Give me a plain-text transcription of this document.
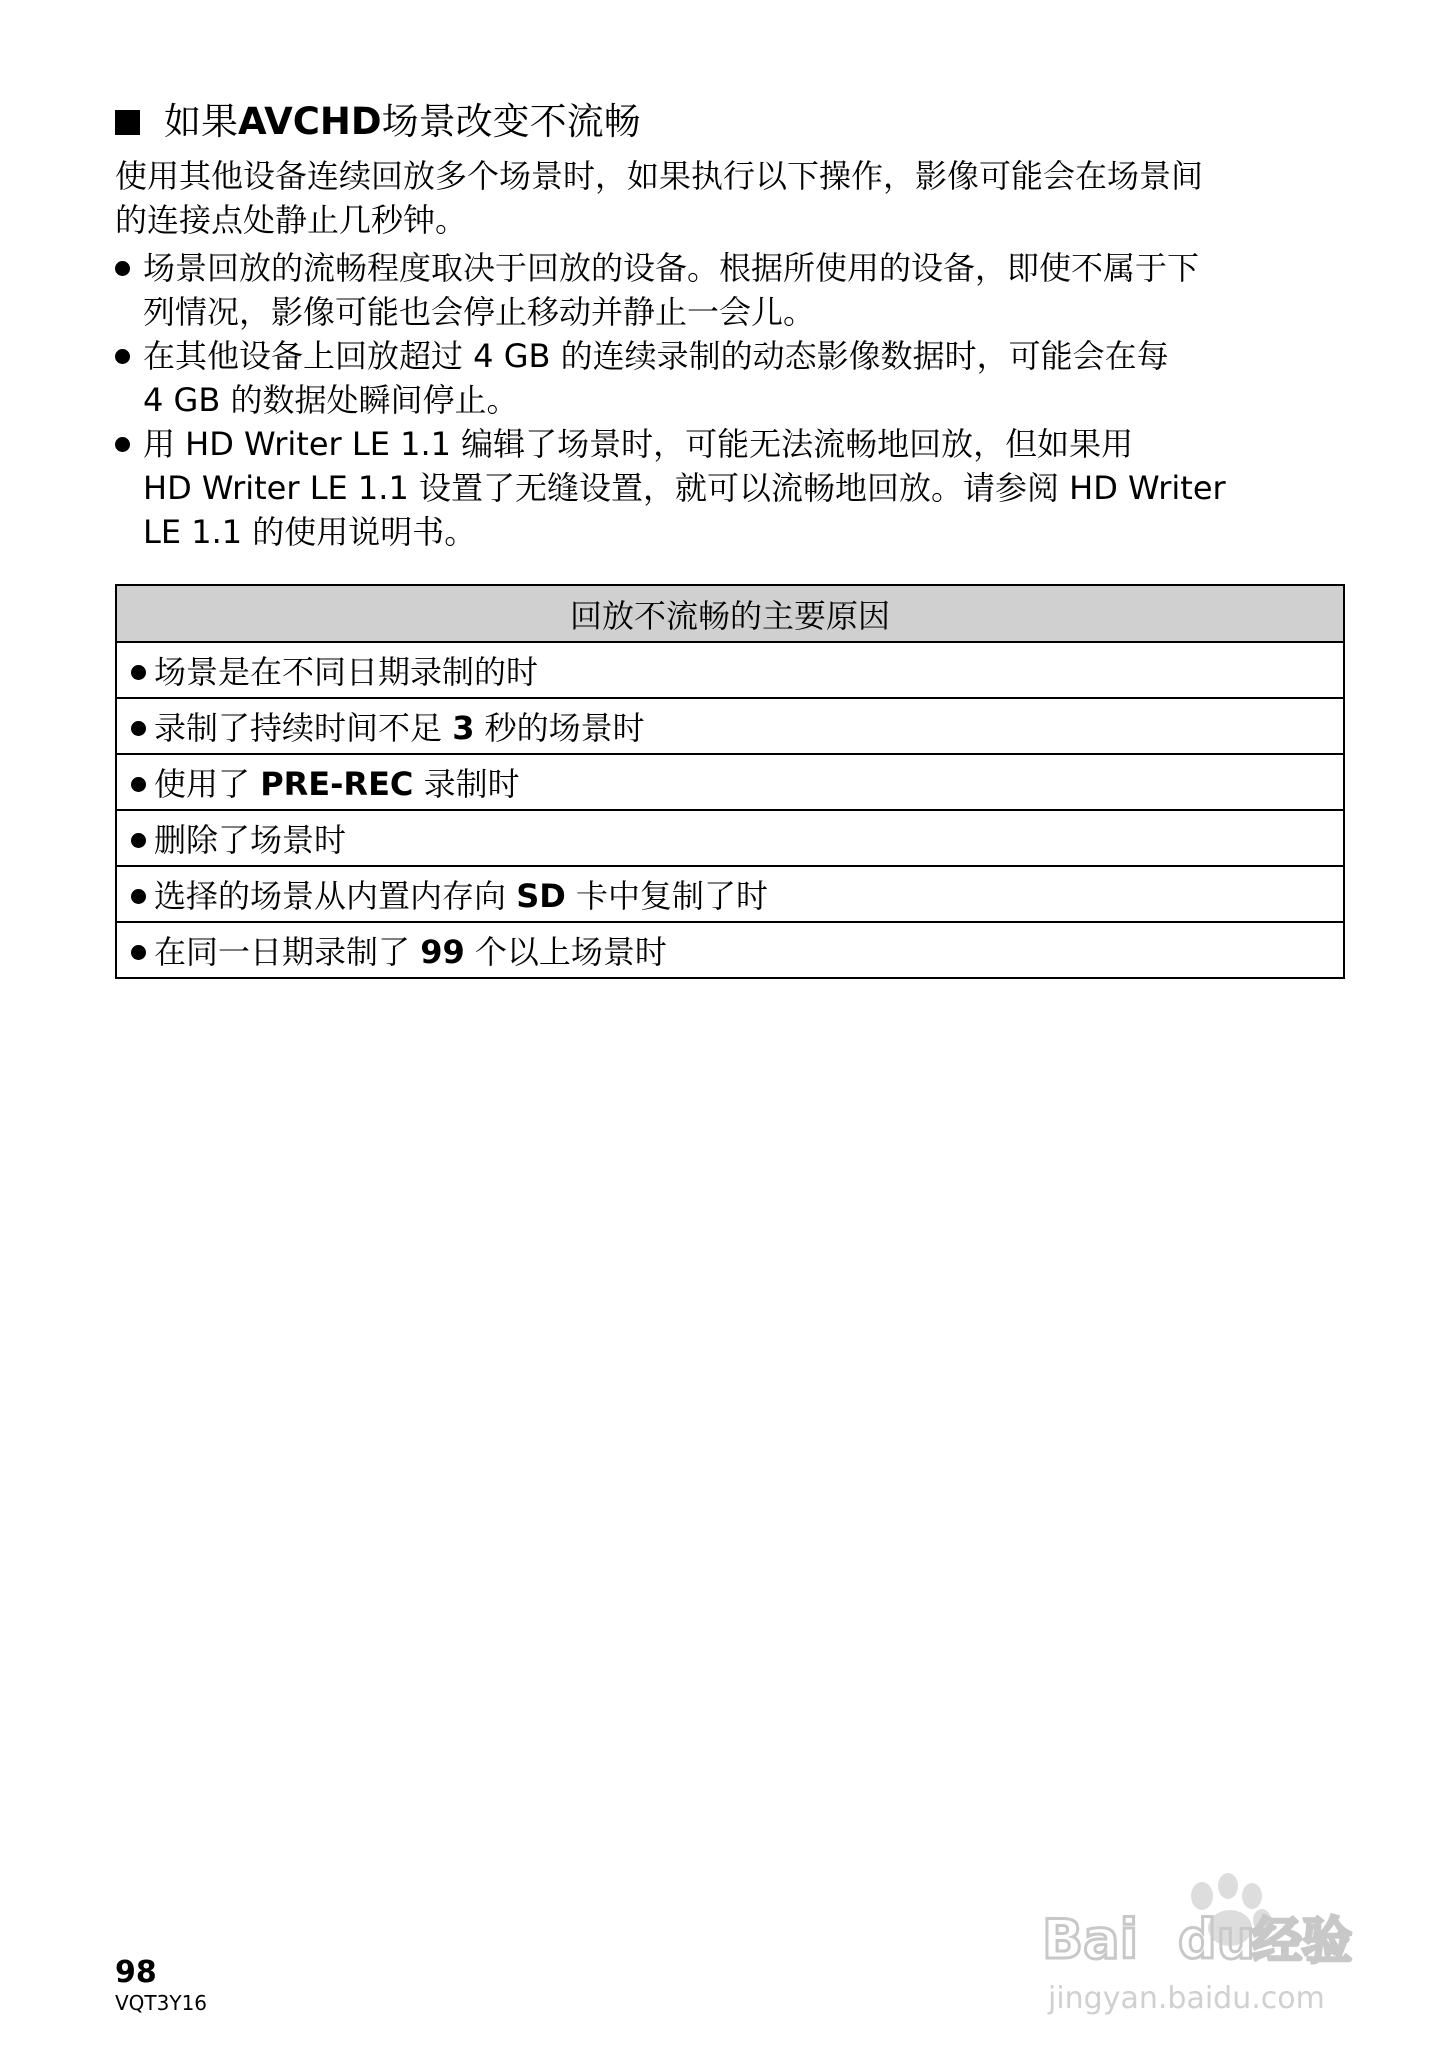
如果 AVCHD 场景改变不流畅

使用其他设备连续回放多个场景时，如果执行以下操作，影像可能会在场景间
的连接点处静止几秒钟。

场景回放的流畅程度取决于回放的设备。根据所使用的设备，即使不属于下
列情况，影像可能也会停止移动并静止一会儿。
在其他设备上回放超过 4 GB 的连续录制的动态影像数据时，可能会在每
4 GB 的数据处瞬间停止。
用 HD Writer LE 1.1 编辑了场景时，可能无法流畅地回放，但如果用
HD Writer LE 1.1 设置了无缝设置，就可以流畅地回放。请参阅 HD Writer
LE 1.1 的使用说明书。
回放不流畅的主要原因
场景是在不同日期录制的时
录制了持续时间不足 3 秒的场景时
使用了 PRE-REC 录制时
删除了场景时
选择的场景从内置内存向 SD 卡中复制了时
在同一日期录制了 99 个以上场景时
98
VQT3Y16
Bai du
经验
jingyan.baidu.com
